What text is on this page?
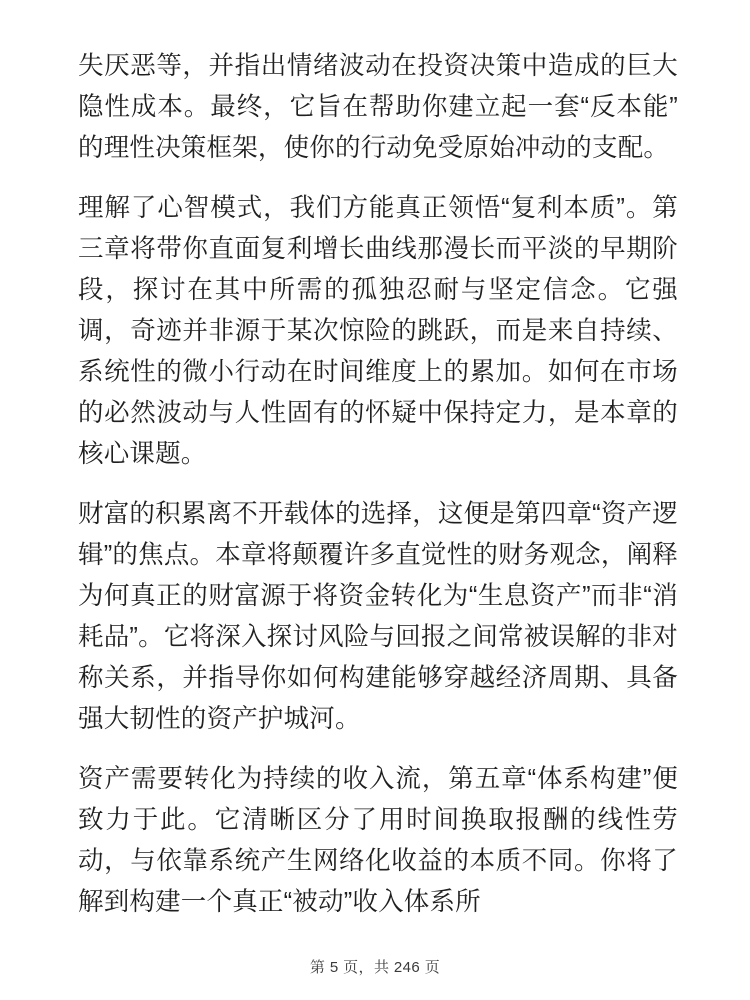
失厌恶等，并指出情绪波动在投资决策中造成的巨大隐性成本。最终，它旨在帮助你建立起一套“反本能”的理性决策框架，使你的行动免受原始冲动的支配。

理解了心智模式，我们方能真正领悟“复利本质”。第三章将带你直面复利增长曲线那漫长而平淡的早期阶段，探讨在其中所需的孤独忍耐与坚定信念。它强调，奇迹并非源于某次惊险的跳跃，而是来自持续、系统性的微小行动在时间维度上的累加。如何在市场的必然波动与人性固有的怀疑中保持定力，是本章的核心课题。

财富的积累离不开载体的选择，这便是第四章“资产逻辑”的焦点。本章将颠覆许多直觉性的财务观念，阐释为何真正的财富源于将资金转化为“生息资产”而非“消耗品”。它将深入探讨风险与回报之间常被误解的非对称关系，并指导你如何构建能够穿越经济周期、具备强大韧性的资产护城河。

资产需要转化为持续的收入流，第五章“体系构建”便致力于此。它清晰区分了用时间换取报酬的线性劳动，与依靠系统产生网络化收益的本质不同。你将了解到构建一个真正“被动”收入体系所

第 5 页，共 246 页
